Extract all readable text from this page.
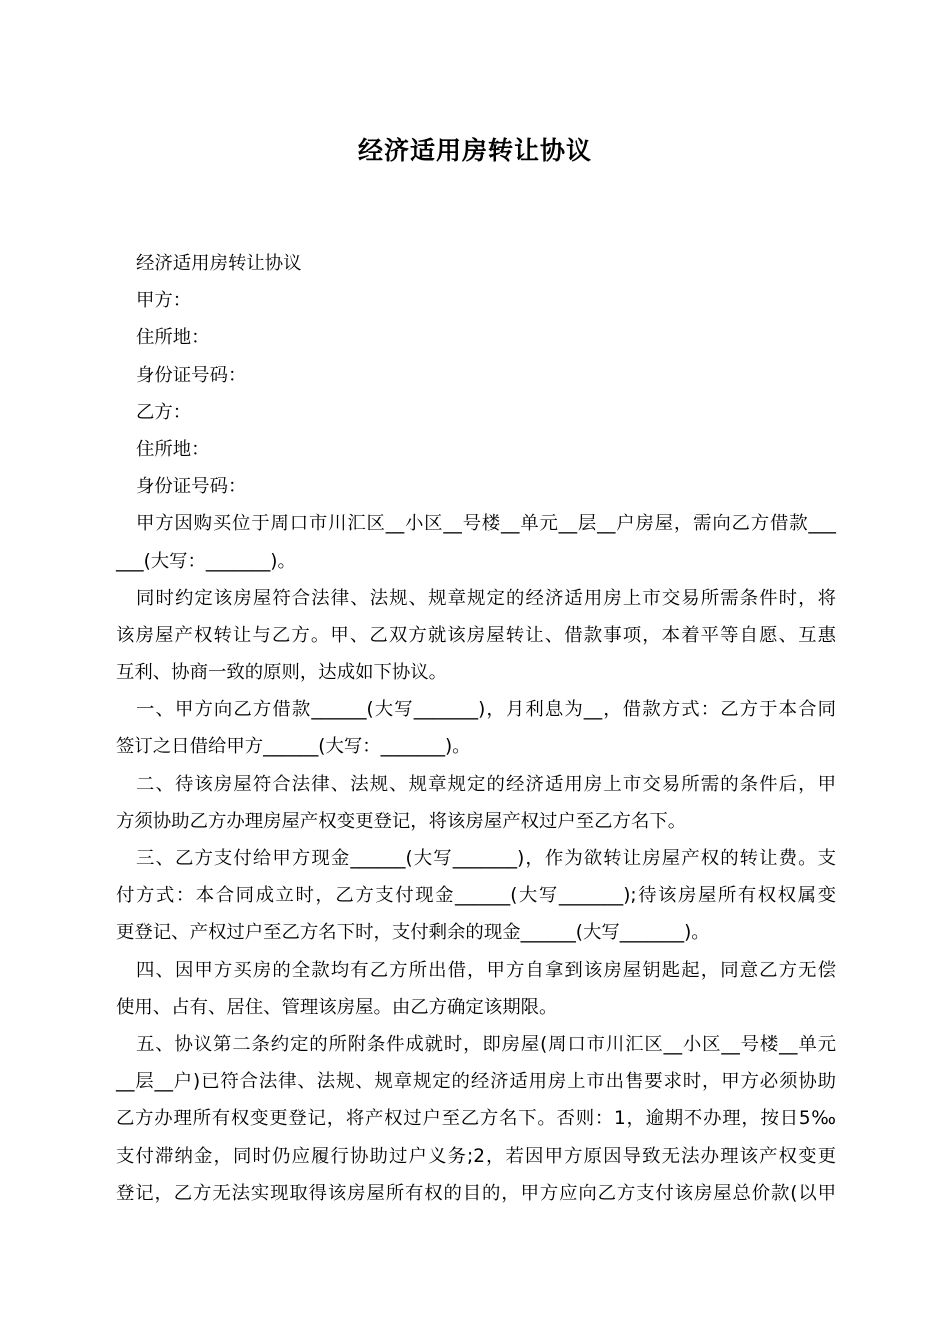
经济适用房转让协议

经济适用房转让协议

甲方：

住所地：

身份证号码：

乙方：

住所地：

身份证号码：

甲方因购买位于周口市川汇区__小区__号楼__单元__层__户房屋，需向乙方借款___

___(大写：_______)。

同时约定该房屋符合法律、法规、规章规定的经济适用房上市交易所需条件时，将

该房屋产权转让与乙方。甲、乙双方就该房屋转让、借款事项，本着平等自愿、互惠

互利、协商一致的原则，达成如下协议。

一、甲方向乙方借款______(大写_______)，月利息为__，借款方式：乙方于本合同

签订之日借给甲方______(大写：_______)。

二、待该房屋符合法律、法规、规章规定的经济适用房上市交易所需的条件后，甲

方须协助乙方办理房屋产权变更登记，将该房屋产权过户至乙方名下。

三、乙方支付给甲方现金______(大写_______)，作为欲转让房屋产权的转让费。支

付方式：本合同成立时，乙方支付现金______(大写_______);待该房屋所有权权属变

更登记、产权过户至乙方名下时，支付剩余的现金______(大写_______)。

四、因甲方买房的全款均有乙方所出借，甲方自拿到该房屋钥匙起，同意乙方无偿

使用、占有、居住、管理该房屋。由乙方确定该期限。

五、协议第二条约定的所附条件成就时，即房屋(周口市川汇区__小区__号楼__单元

__层__户)已符合法律、法规、规章规定的经济适用房上市出售要求时，甲方必须协助

乙方办理所有权变更登记，将产权过户至乙方名下。否则：1，逾期不办理，按日5‰

支付滞纳金，同时仍应履行协助过户义务;2，若因甲方原因导致无法办理该产权变更

登记，乙方无法实现取得该房屋所有权的目的，甲方应向乙方支付该房屋总价款(以甲
